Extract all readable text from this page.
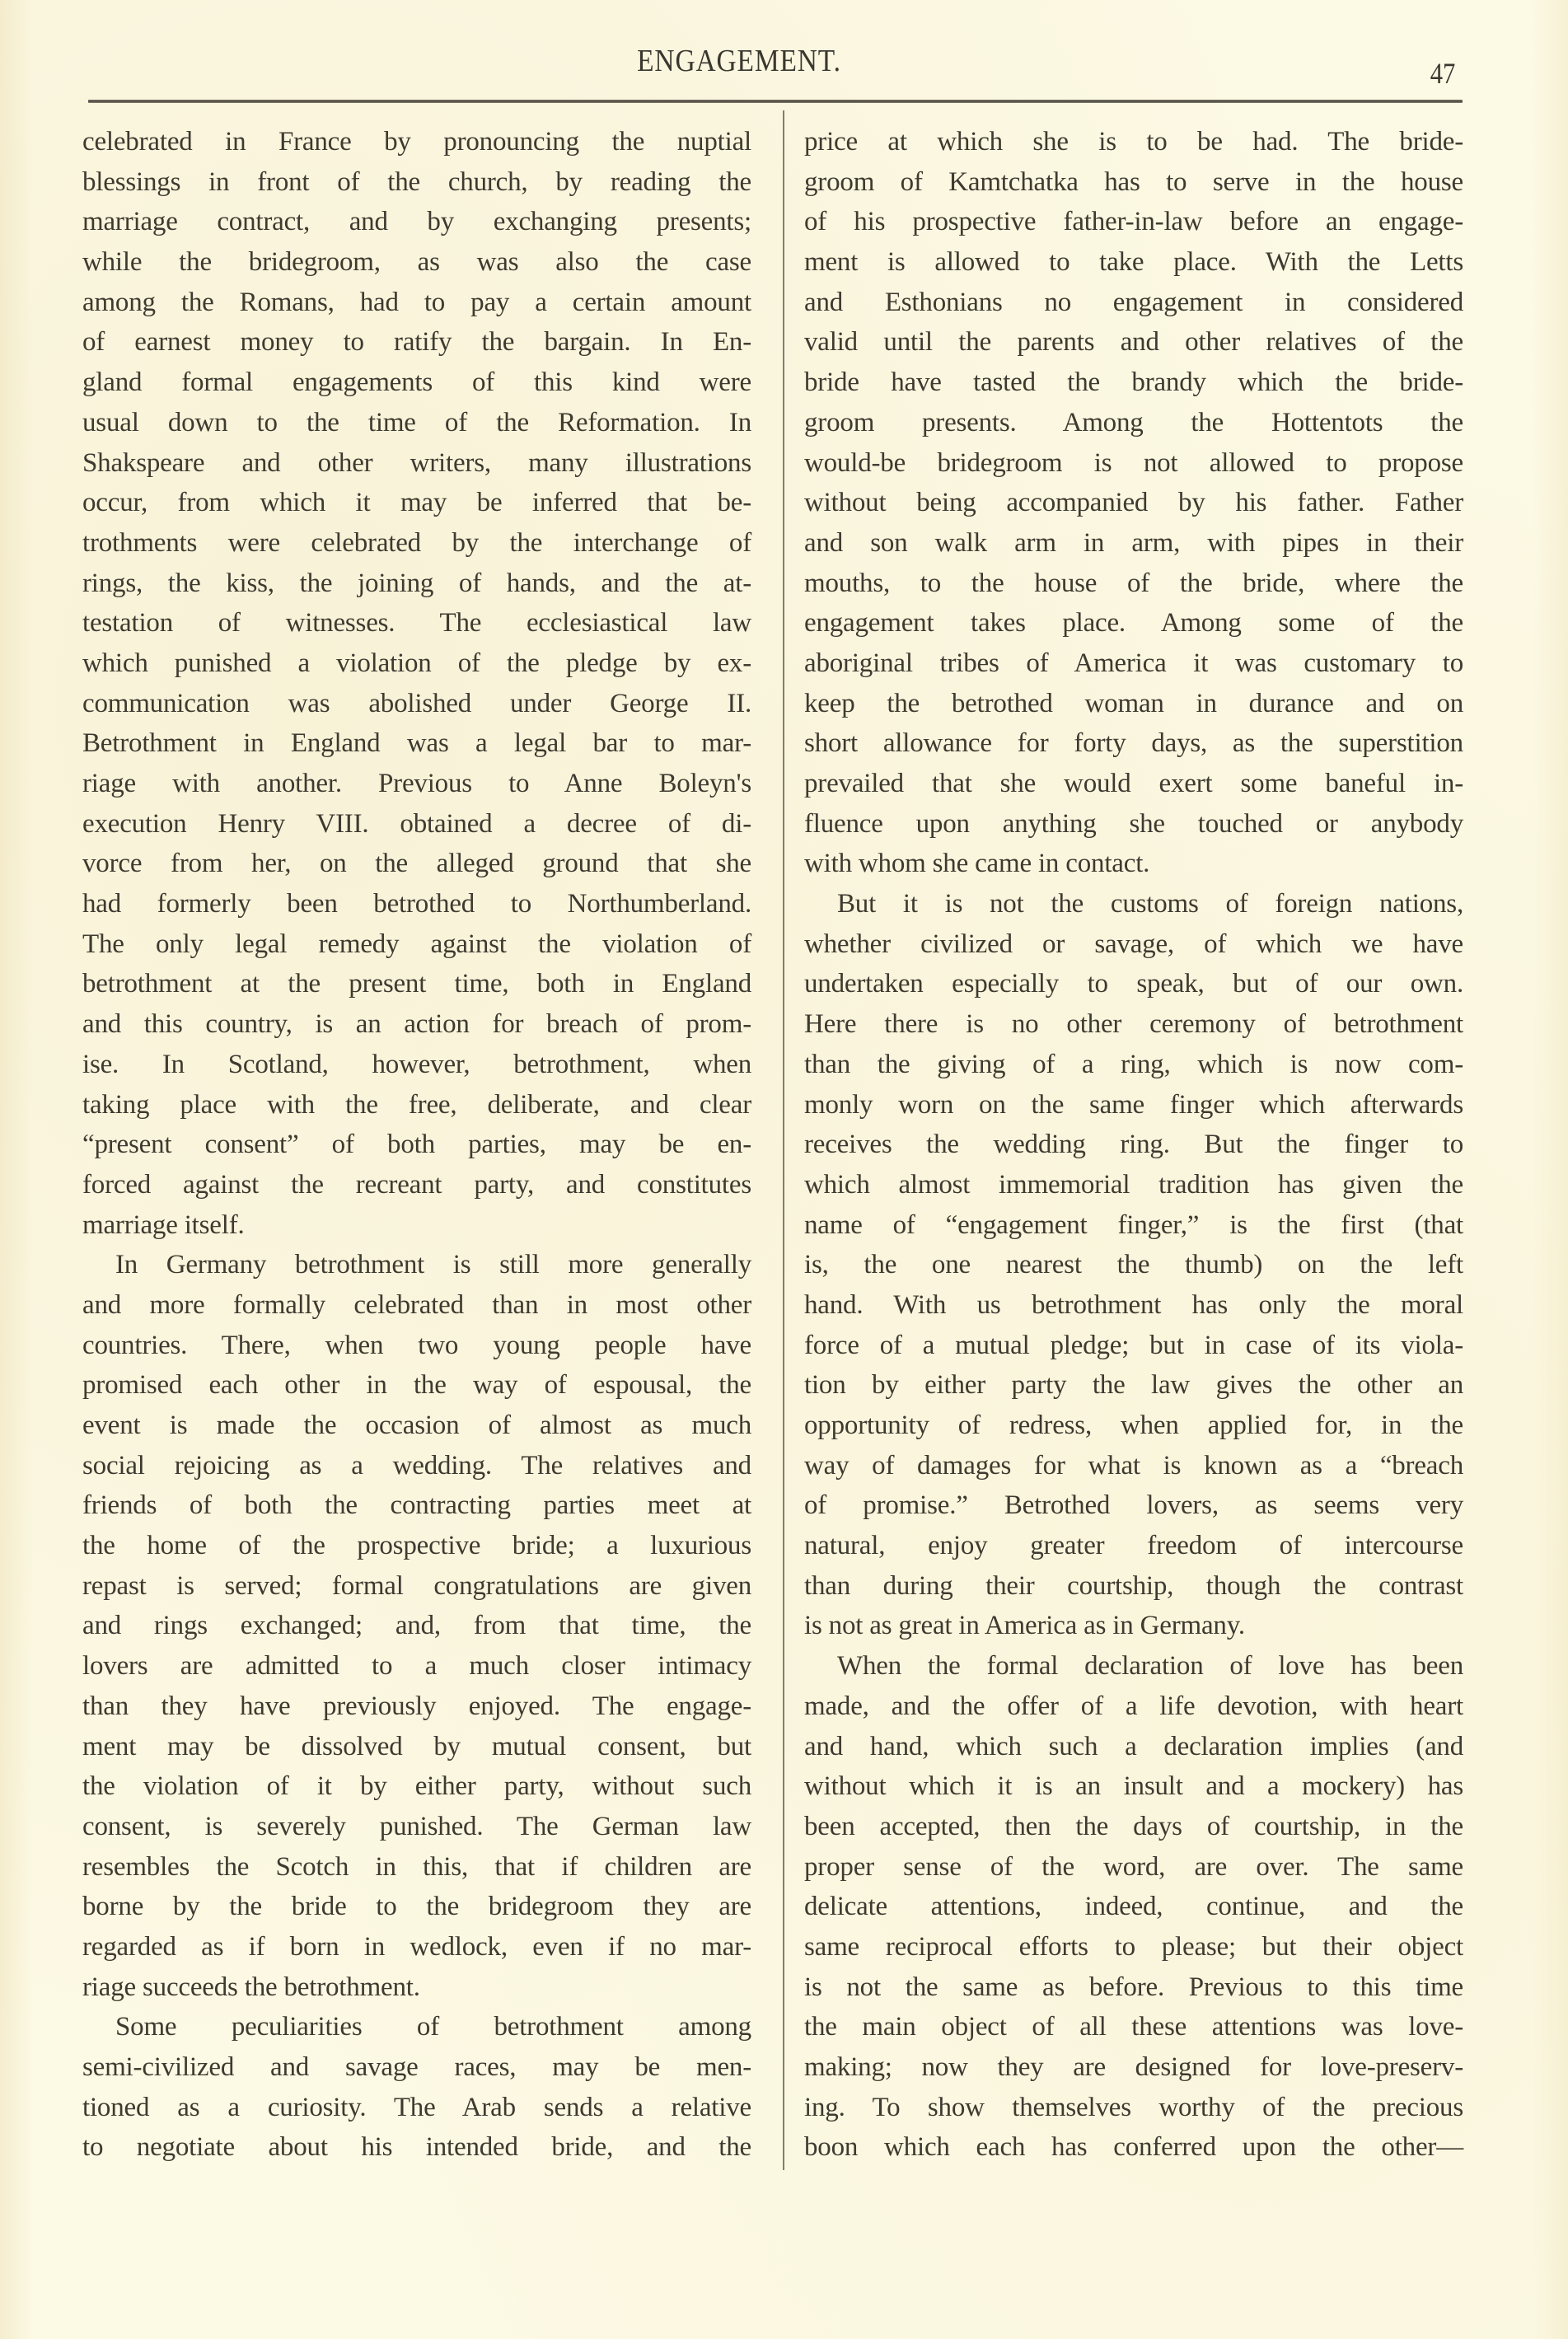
ENGAGEMENT.	47
celebrated in France by pronouncing the nuptial
blessings in front of the church, by reading the
marriage contract, and by exchanging presents;
while the bridegroom, as was also the case
among the Romans, had to pay a certain amount
of earnest money to ratify the bargain. In En-
gland formal engagements of this kind were
usual down to the time of the Reformation. In
Shakspeare and other writers, many illustrations
occur, from which it may be inferred that be-
trothments were celebrated by the interchange of
rings, the kiss, the joining of hands, and the at-
testation of witnesses. The ecclesiastical law
which punished a violation of the pledge by ex-
communication was abolished under George II.
Betrothment in England was a legal bar to mar-
riage with another. Previous to Anne Boleyn's
execution Henry VIII. obtained a decree of di-
vorce from her, on the alleged ground that she
had formerly been betrothed to Northumberland.
The only legal remedy against the violation of
betrothment at the present time, both in England
and this country, is an action for breach of prom-
ise. In Scotland, however, betrothment, when
taking place with the free, deliberate, and clear
“present consent” of both parties, may be en-
forced against the recreant party, and constitutes
marriage itself.
In Germany betrothment is still more generally
and more formally celebrated than in most other
countries. There, when two young people have
promised each other in the way of espousal, the
event is made the occasion of almost as much
social rejoicing as a wedding. The relatives and
friends of both the contracting parties meet at
the home of the prospective bride; a luxurious
repast is served; formal congratulations are given
and rings exchanged; and, from that time, the
lovers are admitted to a much closer intimacy
than they have previously enjoyed. The engage-
ment may be dissolved by mutual consent, but
the violation of it by either party, without such
consent, is severely punished. The German law
resembles the Scotch in this, that if children are
borne by the bride to the bridegroom they are
regarded as if born in wedlock, even if no mar-
riage succeeds the betrothment.
Some peculiarities of betrothment among
semi-civilized and savage races, may be men-
tioned as a curiosity. The Arab sends a relative
to negotiate about his intended bride, and the
price at which she is to be had. The bride-
groom of Kamtchatka has to serve in the house
of his prospective father-in-law before an engage-
ment is allowed to take place. With the Letts
and Esthonians no engagement in considered
valid until the parents and other relatives of the
bride have tasted the brandy which the bride-
groom presents. Among the Hottentots the
would-be bridegroom is not allowed to propose
without being accompanied by his father. Father
and son walk arm in arm, with pipes in their
mouths, to the house of the bride, where the
engagement takes place. Among some of the
aboriginal tribes of America it was customary to
keep the betrothed woman in durance and on
short allowance for forty days, as the superstition
prevailed that she would exert some baneful in-
fluence upon anything she touched or anybody
with whom she came in contact.
But it is not the customs of foreign nations,
whether civilized or savage, of which we have
undertaken especially to speak, but of our own.
Here there is no other ceremony of betrothment
than the giving of a ring, which is now com-
monly worn on the same finger which afterwards
receives the wedding ring. But the finger to
which almost immemorial tradition has given the
name of “engagement finger,” is the first (that
is, the one nearest the thumb) on the left
hand. With us betrothment has only the moral
force of a mutual pledge; but in case of its viola-
tion by either party the law gives the other an
opportunity of redress, when applied for, in the
way of damages for what is known as a “breach
of promise.” Betrothed lovers, as seems very
natural, enjoy greater freedom of intercourse
than during their courtship, though the contrast
is not as great in America as in Germany.
When the formal declaration of love has been
made, and the offer of a life devotion, with heart
and hand, which such a declaration implies (and
without which it is an insult and a mockery) has
been accepted, then the days of courtship, in the
proper sense of the word, are over. The same
delicate attentions, indeed, continue, and the
same reciprocal efforts to please; but their object
is not the same as before. Previous to this time
the main object of all these attentions was love-
making; now they are designed for love-preserv-
ing. To show themselves worthy of the precious
boon which each has conferred upon the other—
